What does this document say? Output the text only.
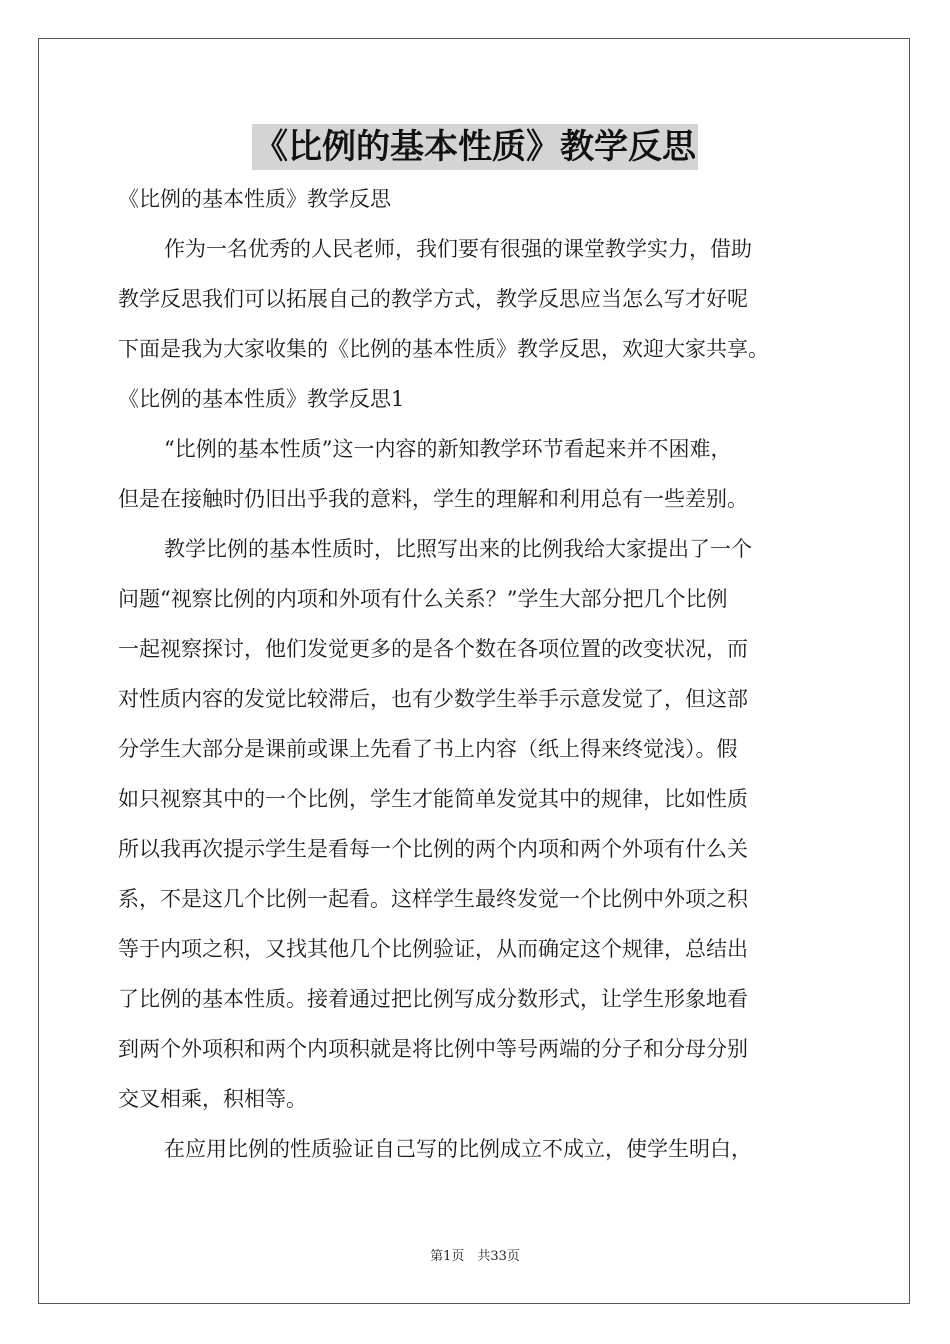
《比例的基本性质》教学反思
《比例的基本性质》教学反思
作为一名优秀的人民老师，我们要有很强的课堂教学实力，借助
教学反思我们可以拓展自己的教学方式，教学反思应当怎么写才好呢
下面是我为大家收集的《比例的基本性质》教学反思，欢迎大家共享。
《比例的基本性质》教学反思1
“比例的基本性质”这一内容的新知教学环节看起来并不困难，
但是在接触时仍旧出乎我的意料，学生的理解和利用总有一些差别。
教学比例的基本性质时，比照写出来的比例我给大家提出了一个
问题“视察比例的内项和外项有什么关系？”学生大部分把几个比例
一起视察探讨，他们发觉更多的是各个数在各项位置的改变状况，而
对性质内容的发觉比较滞后，也有少数学生举手示意发觉了，但这部
分学生大部分是课前或课上先看了书上内容（纸上得来终觉浅）。假
如只视察其中的一个比例，学生才能简单发觉其中的规律，比如性质
所以我再次提示学生是看每一个比例的两个内项和两个外项有什么关
系，不是这几个比例一起看。这样学生最终发觉一个比例中外项之积
等于内项之积，又找其他几个比例验证，从而确定这个规律，总结出
了比例的基本性质。接着通过把比例写成分数形式，让学生形象地看
到两个外项积和两个内项积就是将比例中等号两端的分子和分母分别
交叉相乘，积相等。
在应用比例的性质验证自己写的比例成立不成立，使学生明白，
第1页　共33页
